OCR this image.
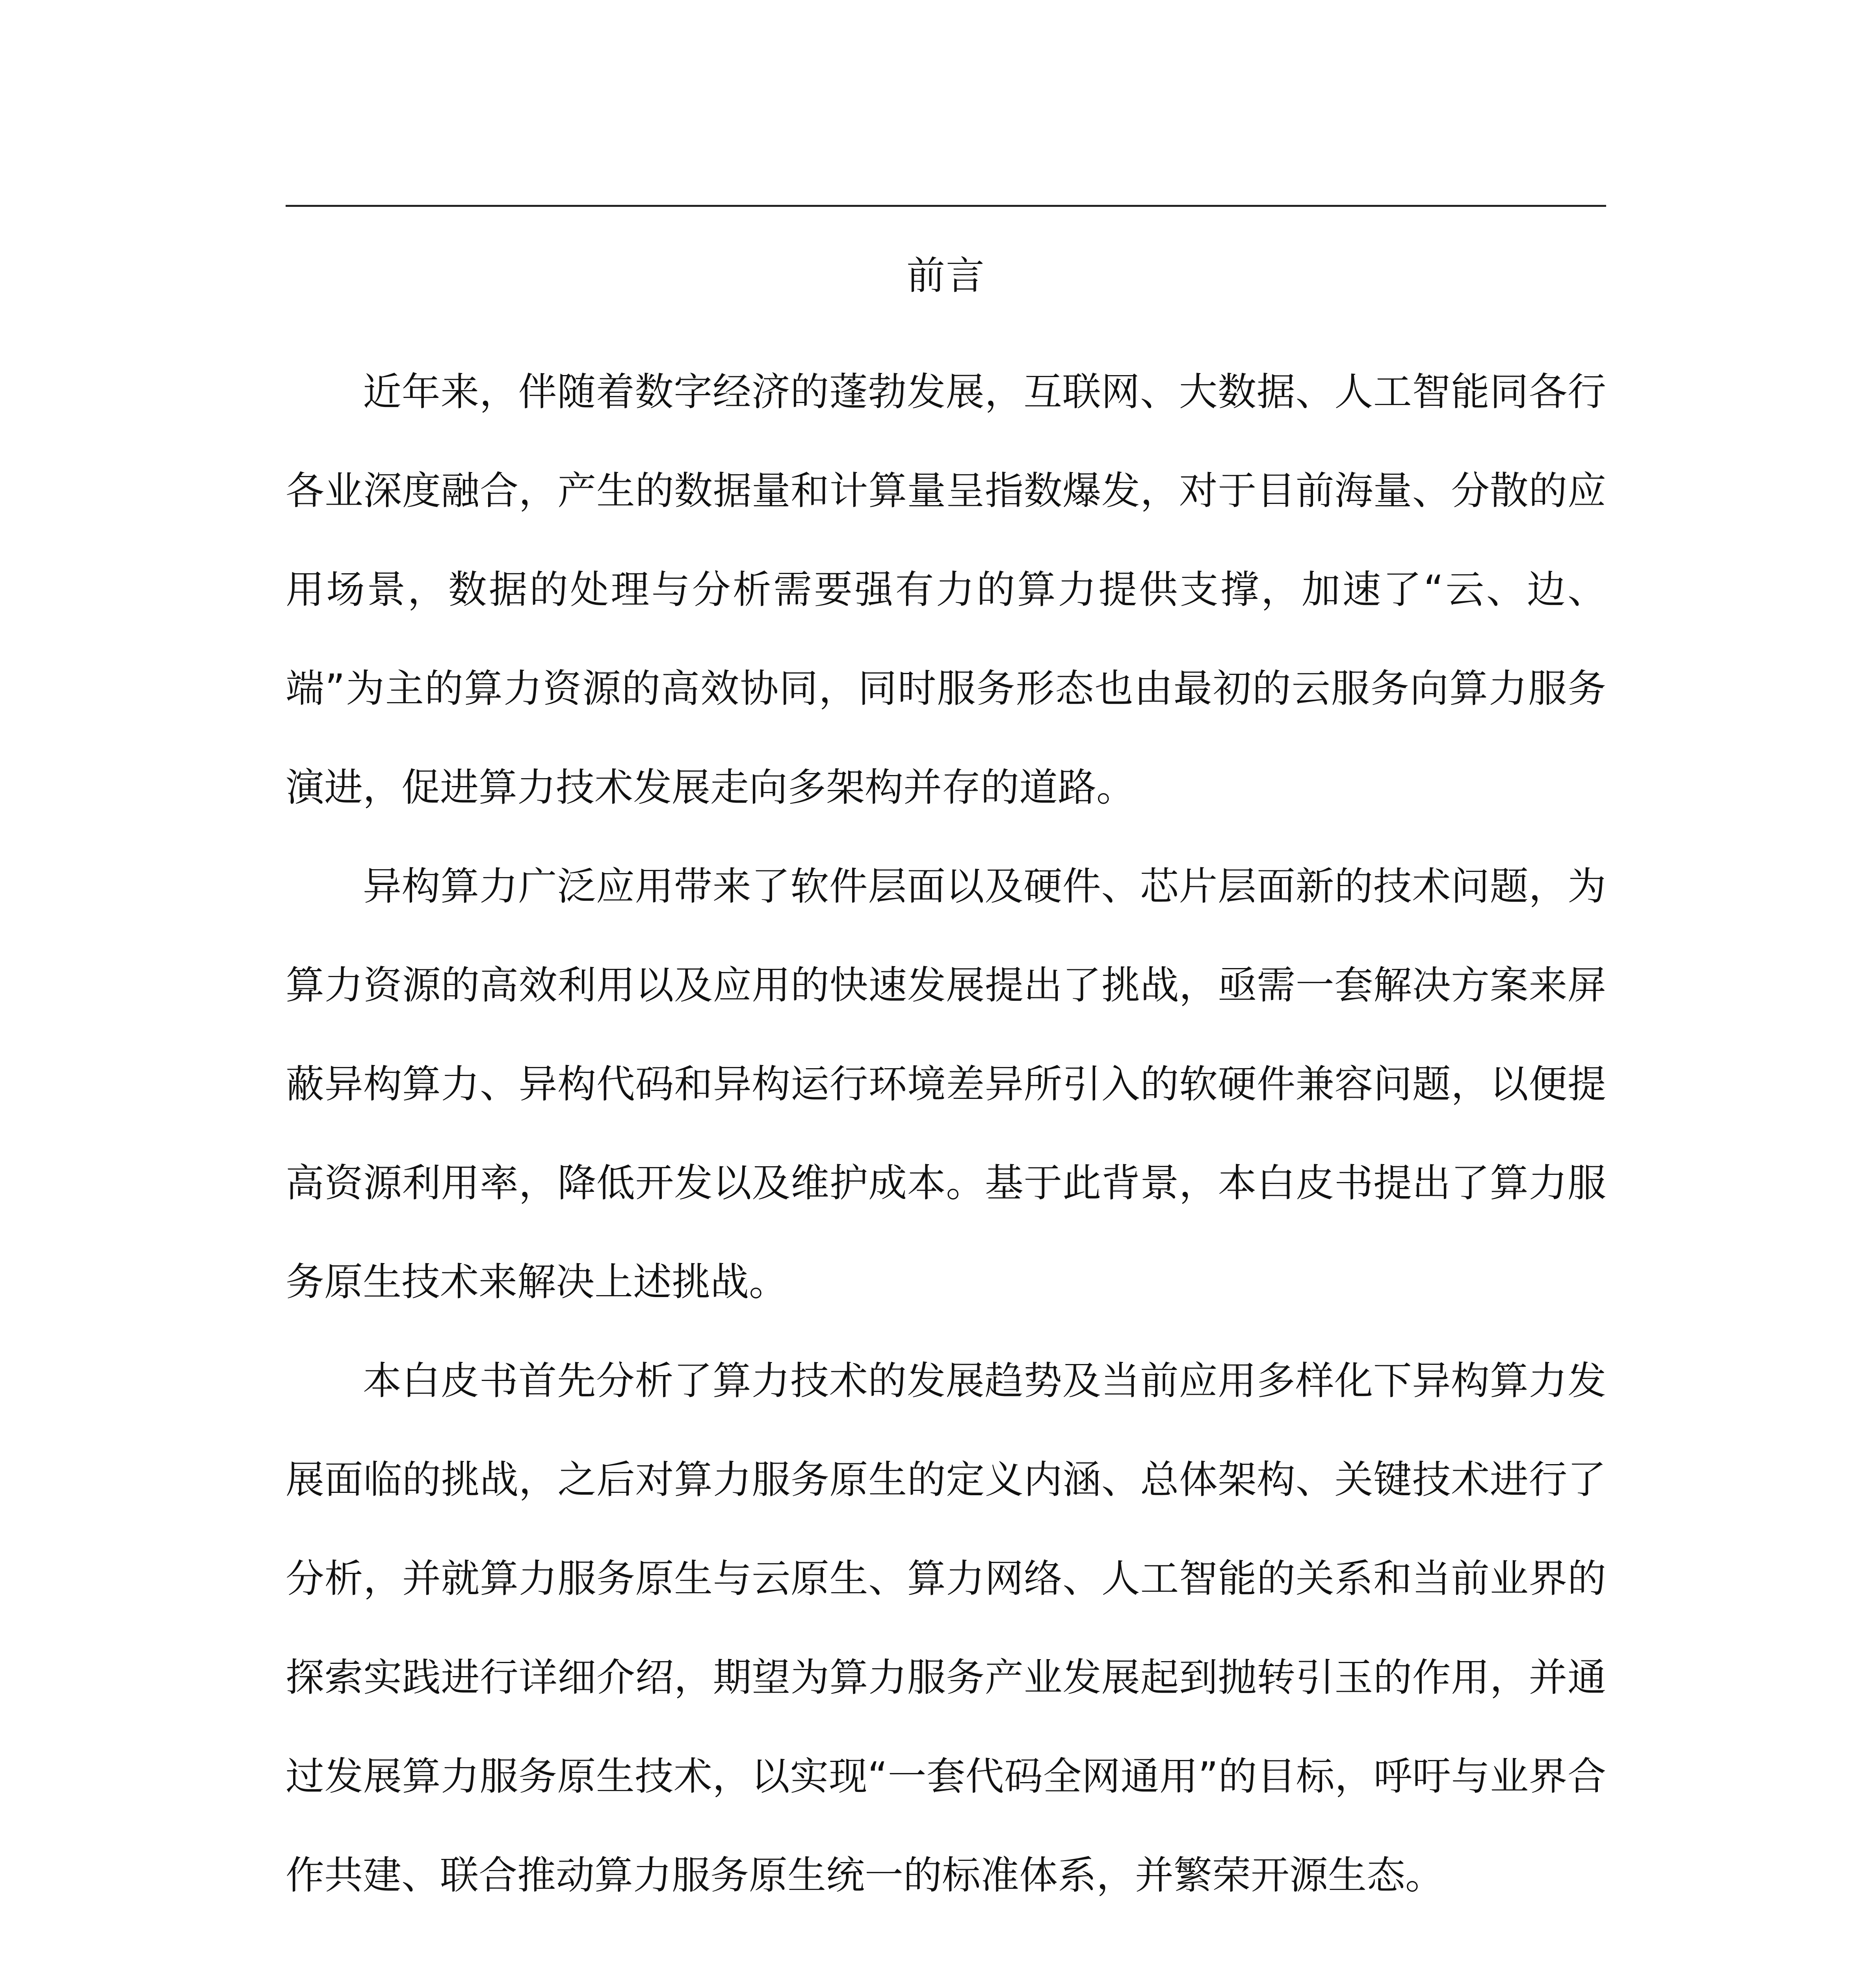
前言

近年来，伴随着数字经济的蓬勃发展，互联网、大数据、人工智能同各行各业深度融合，产生的数据量和计算量呈指数爆发，对于目前海量、分散的应用场景，数据的处理与分析需要强有力的算力提供支撑，加速了“云、边、端”为主的算力资源的高效协同，同时服务形态也由最初的云服务向算力服务演进，促进算力技术发展走向多架构并存的道路。

异构算力广泛应用带来了软件层面以及硬件、芯片层面新的技术问题，为算力资源的高效利用以及应用的快速发展提出了挑战，亟需一套解决方案来屏蔽异构算力、异构代码和异构运行环境差异所引入的软硬件兼容问题，以便提高资源利用率，降低开发以及维护成本。基于此背景，本白皮书提出了算力服务原生技术来解决上述挑战。

本白皮书首先分析了算力技术的发展趋势及当前应用多样化下异构算力发展面临的挑战，之后对算力服务原生的定义内涵、总体架构、关键技术进行了分析，并就算力服务原生与云原生、算力网络、人工智能的关系和当前业界的探索实践进行详细介绍，期望为算力服务产业发展起到抛转引玉的作用，并通过发展算力服务原生技术，以实现“一套代码全网通用”的目标，呼吁与业界合作共建、联合推动算力服务原生统一的标准体系，并繁荣开源生态。
